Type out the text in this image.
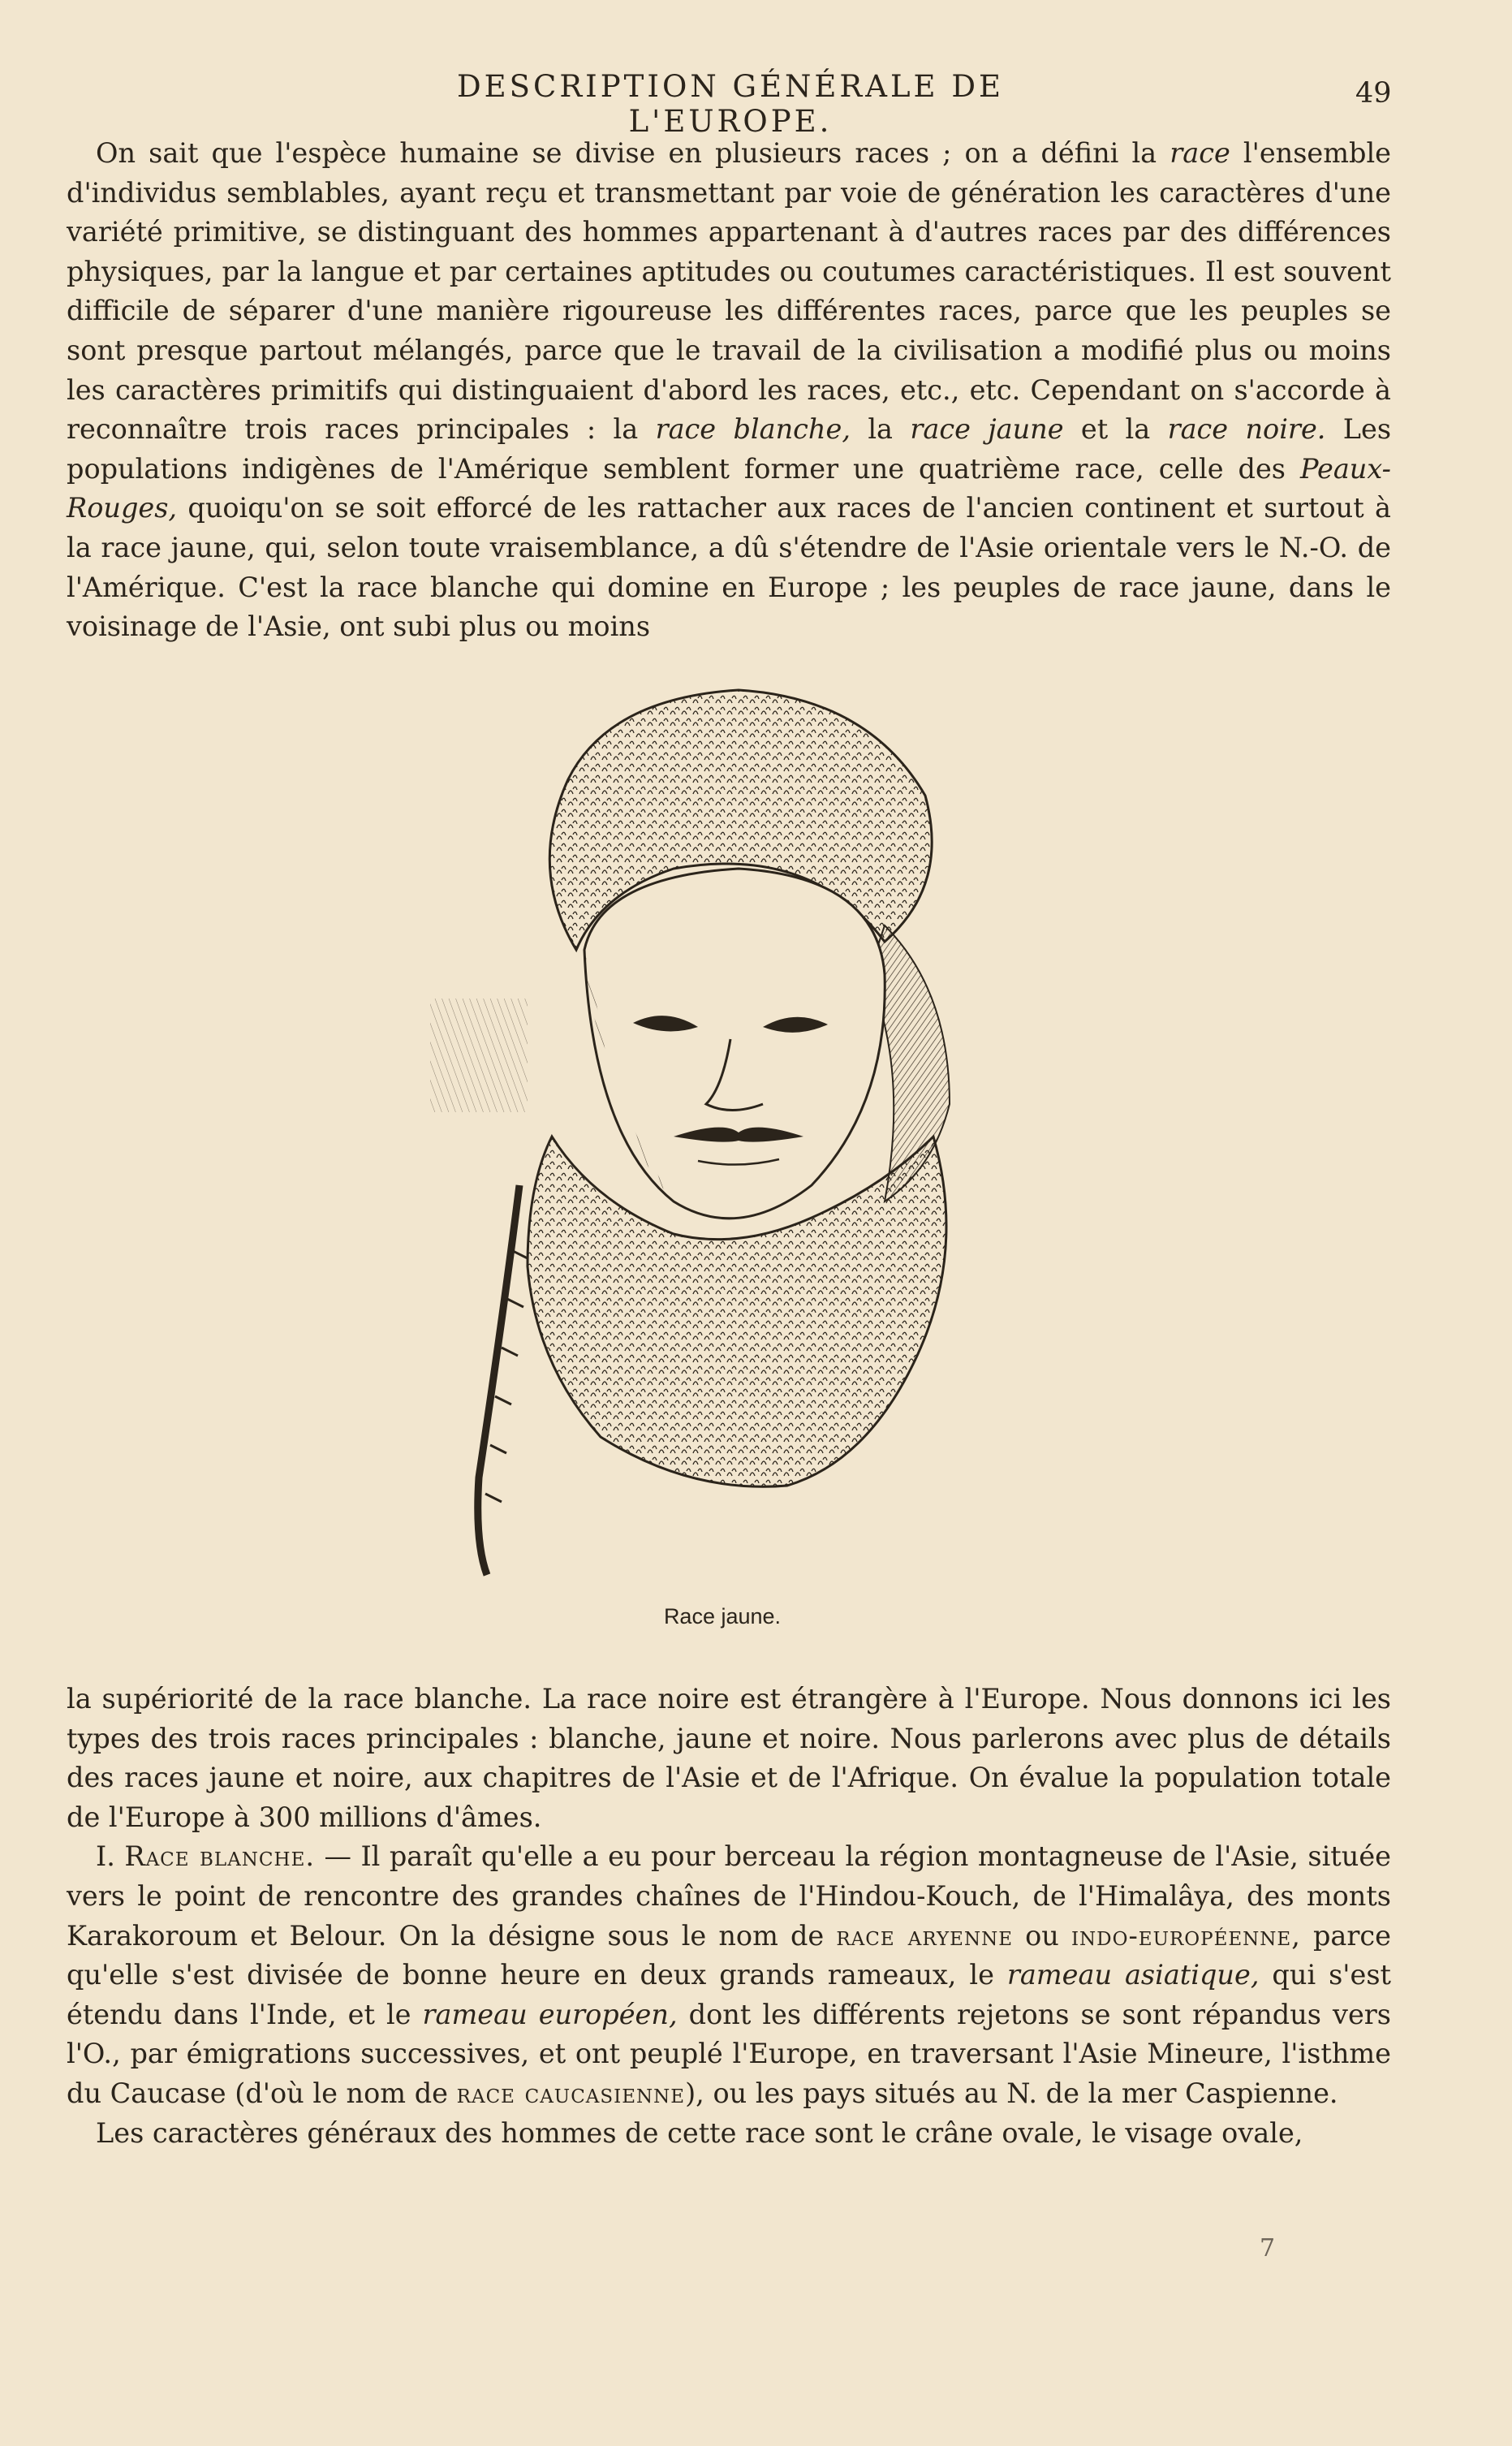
DESCRIPTION GÉNÉRALE DE L'EUROPE.
49

On sait que l'espèce humaine se divise en plusieurs races ; on a défini la race l'ensemble d'individus semblables, ayant reçu et transmettant par voie de génération les caractères d'une variété primitive, se distinguant des hommes appartenant à d'autres races par des différences physiques, par la langue et par certaines aptitudes ou coutumes caractéristiques. Il est souvent difficile de séparer d'une manière rigoureuse les différentes races, parce que les peuples se sont presque partout mélangés, parce que le travail de la civilisation a modifié plus ou moins les caractères primitifs qui distinguaient d'abord les races, etc., etc. Cependant on s'accorde à reconnaître trois races principales : la race blanche, la race jaune et la race noire. Les populations indigènes de l'Amérique semblent former une quatrième race, celle des Peaux-Rouges, quoiqu'on se soit efforcé de les rattacher aux races de l'ancien continent et surtout à la race jaune, qui, selon toute vraisemblance, a dû s'étendre de l'Asie orientale vers le N.-O. de l'Amérique. C'est la race blanche qui domine en Europe ; les peuples de race jaune, dans le voisinage de l'Asie, ont subi plus ou moins

Race jaune.

la supériorité de la race blanche. La race noire est étrangère à l'Europe. Nous donnons ici les types des trois races principales : blanche, jaune et noire. Nous parlerons avec plus de détails des races jaune et noire, aux chapitres de l'Asie et de l'Afrique. On évalue la population totale de l'Europe à 300 millions d'âmes.

I. Race blanche. — Il paraît qu'elle a eu pour berceau la région montagneuse de l'Asie, située vers le point de rencontre des grandes chaînes de l'Hindou-Kouch, de l'Himalâya, des monts Karakoroum et Belour. On la désigne sous le nom de race aryenne ou indo-européenne, parce qu'elle s'est divisée de bonne heure en deux grands rameaux, le rameau asiatique, qui s'est étendu dans l'Inde, et le rameau européen, dont les différents rejetons se sont répandus vers l'O., par émigrations successives, et ont peuplé l'Europe, en traversant l'Asie Mineure, l'isthme du Caucase (d'où le nom de race caucasienne), ou les pays situés au N. de la mer Caspienne.

Les caractères généraux des hommes de cette race sont le crâne ovale, le visage ovale,

7
